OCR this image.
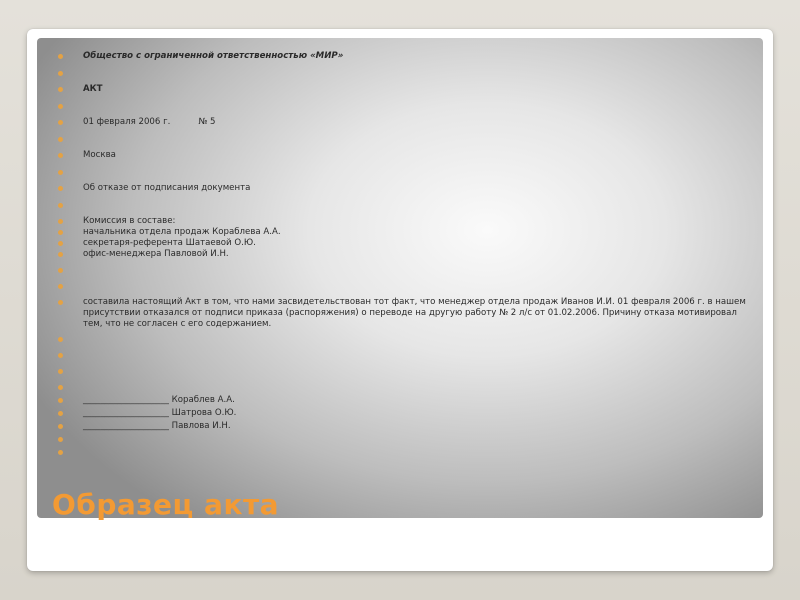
Общество с ограниченной ответственностью «МИР»
АКТ
01 февраля 2006 г.	№ 5
Москва
Об отказе от подписания документа
Комиссия в составе:
начальника отдела продаж Кораблева А.А.
секретаря-референта Шатаевой О.Ю.
офис-менеджера Павловой И.Н.
составила настоящий Акт в том, что нами засвидетельствован тот факт, что менеджер отдела продаж Иванов И.И. 01 февраля 2006 г. в нашем присутствии отказался от подписи приказа (распоряжения) о переводе на другую работу № 2 л/с от 01.02.2006. Причину отказа мотивировал тем, что не согласен с его содержанием.
____________________ Кораблев А.А.
____________________ Шатрова О.Ю.
____________________ Павлова И.Н.
Образец акта
